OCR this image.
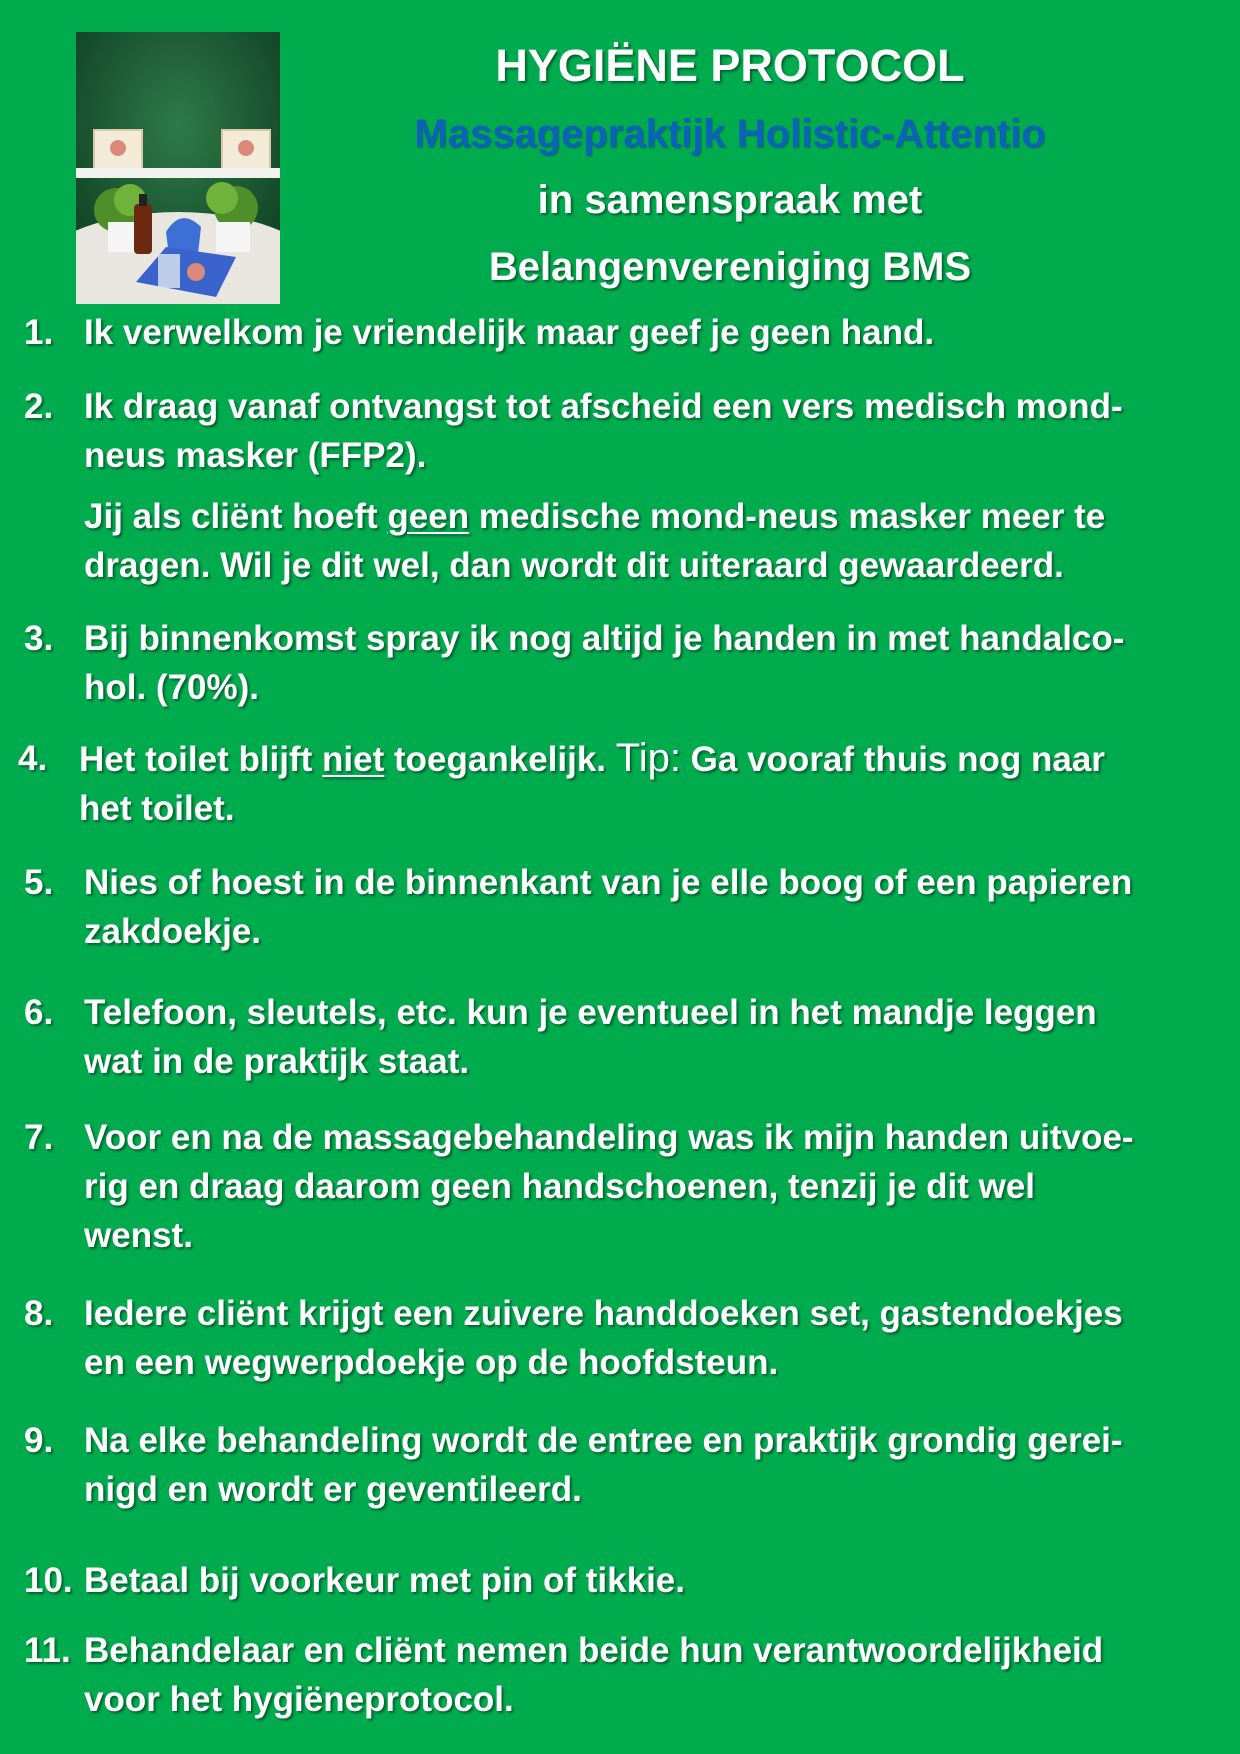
HYGIËNE PROTOCOL
Massagepraktijk Holistic-Attentio
in samenspraak met
Belangenvereniging BMS
1. Ik verwelkom je vriendelijk maar geef je geen hand.

2. Ik draag vanaf ontvangst tot afscheid een vers medisch mond-

neus masker (FFP2).

Jij als cliënt hoeft geen medische mond-neus masker meer te

dragen. Wil je dit wel, dan wordt dit uiteraard gewaardeerd.

3. Bij binnenkomst spray ik nog altijd je handen in met handalco-

hol. (70%).

4. Het toilet blijft niet toegankelijk. Tip: Ga vooraf thuis nog naar

het toilet.

5. Nies of hoest in de binnenkant van je elle boog of een papieren

zakdoekje.

6. Telefoon, sleutels, etc. kun je eventueel in het mandje leggen

wat in de praktijk staat.

7. Voor en na de massagebehandeling was ik mijn handen uitvoe-

rig en draag daarom geen handschoenen, tenzij je dit wel

wenst.

8. Iedere cliënt krijgt een zuivere handdoeken set, gastendoekjes

en een wegwerpdoekje op de hoofdsteun.

9. Na elke behandeling wordt de entree en praktijk grondig gerei-

nigd en wordt er geventileerd.

10. Betaal bij voorkeur met pin of tikkie.

11. Behandelaar en cliënt nemen beide hun verantwoordelijkheid

voor het hygiëneprotocol.
